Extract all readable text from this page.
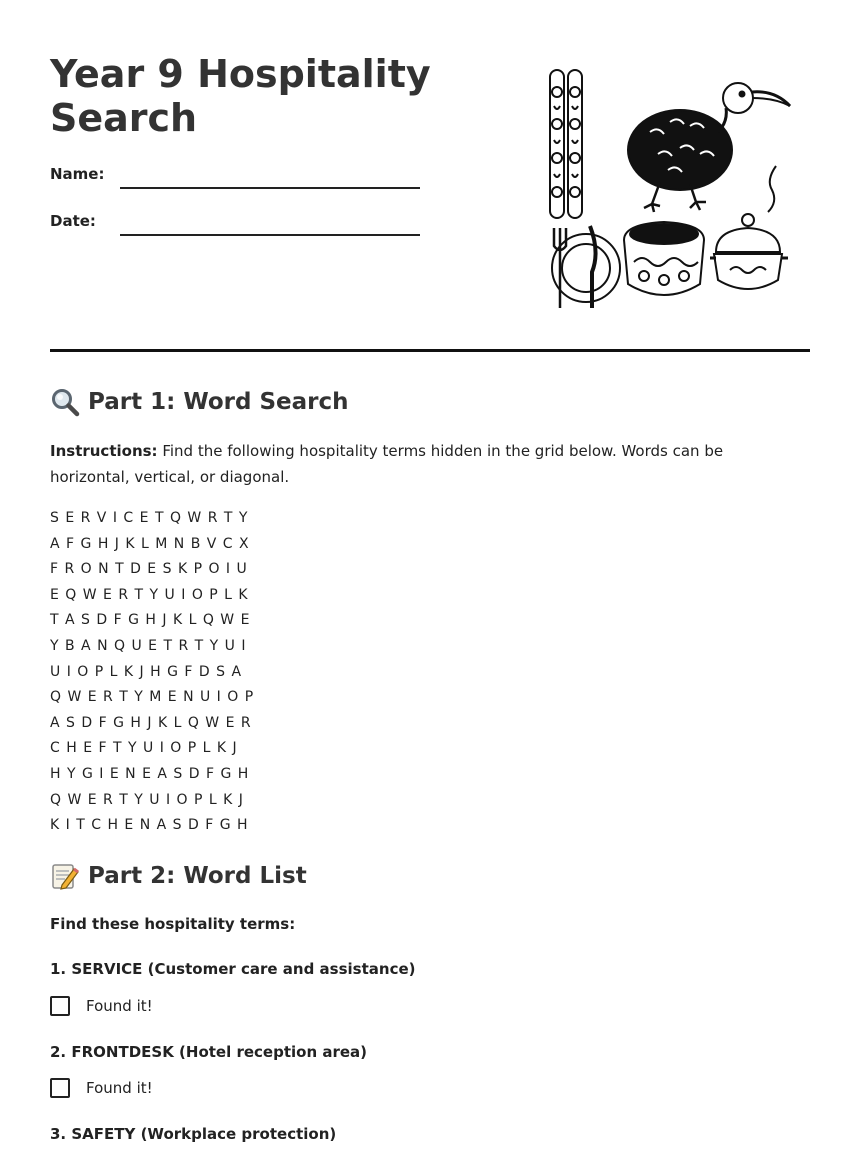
Year 9 Hospitality Search
Name:
Date:
Part 1: Word Search
Instructions: Find the following hospitality terms hidden in the grid below. Words can be horizontal, vertical, or diagonal.
S E R V I C E T Q W R T Y
A F G H J K L M N B V C X
F R O N T D E S K P O I U
E Q W E R T Y U I O P L K
T A S D F G H J K L Q W E
Y B A N Q U E T R T Y U I
U I O P L K J H G F D S A
Q W E R T Y M E N U I O P
A S D F G H J K L Q W E R
C H E F T Y U I O P L K J
H Y G I E N E A S D F G H
Q W E R T Y U I O P L K J
K I T C H E N A S D F G H
Part 2: Word List
Find these hospitality terms:
1. SERVICE (Customer care and assistance)
Found it!
2. FRONTDESK (Hotel reception area)
Found it!
3. SAFETY (Workplace protection)
